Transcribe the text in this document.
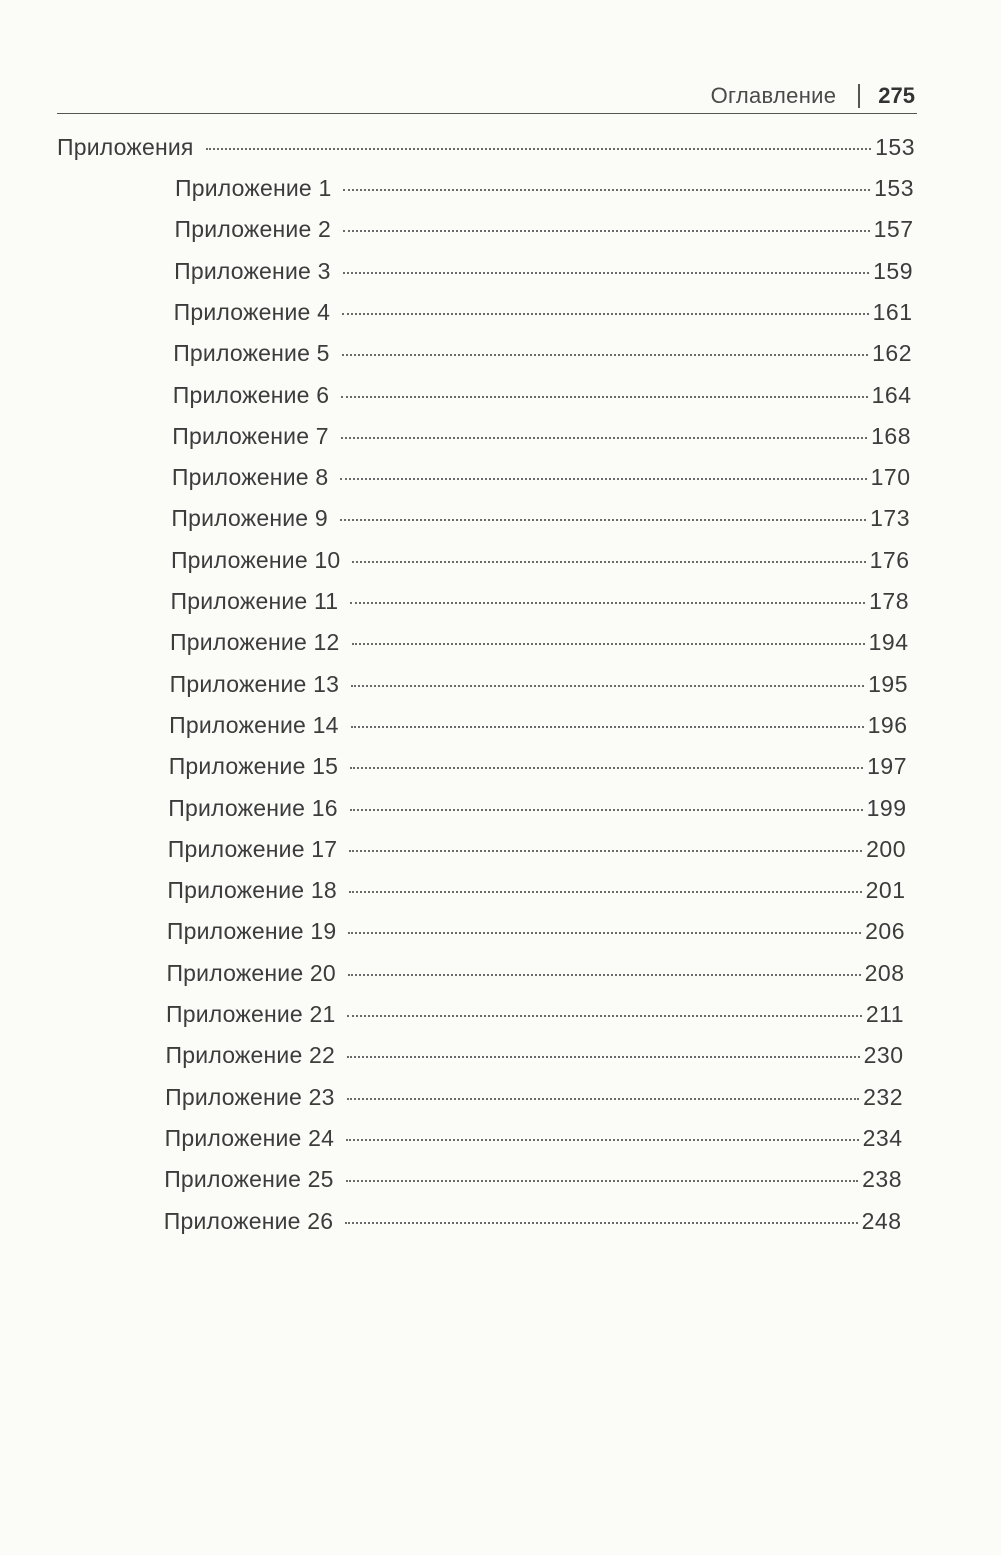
Оглавление 275
Приложения	153
Приложение 1	153
Приложение 2	157
Приложение 3	159
Приложение 4	161
Приложение 5	162
Приложение 6	164
Приложение 7	168
Приложение 8	170
Приложение 9	173
Приложение 10	176
Приложение 11	178
Приложение 12	194
Приложение 13	195
Приложение 14	196
Приложение 15	197
Приложение 16	199
Приложение 17	200
Приложение 18	201
Приложение 19	206
Приложение 20	208
Приложение 21	211
Приложение 22	230
Приложение 23	232
Приложение 24	234
Приложение 25	238
Приложение 26	248
